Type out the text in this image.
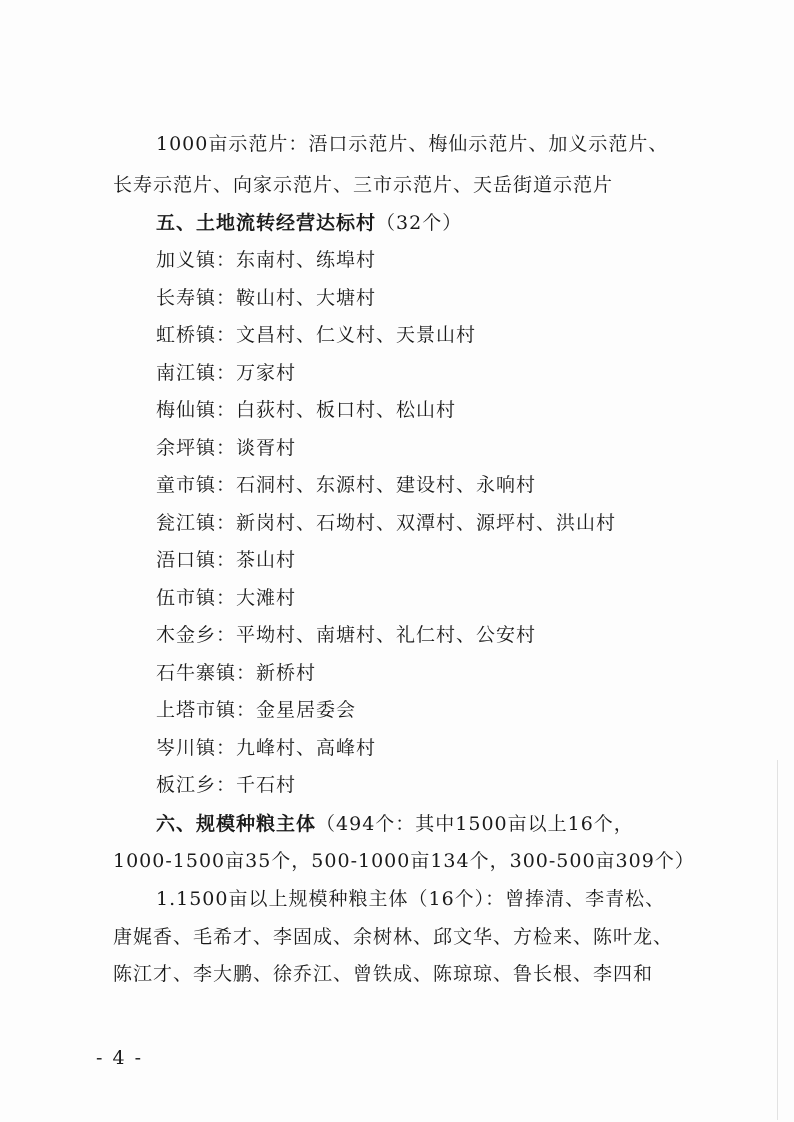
1000亩示范片：浯口示范片、梅仙示范片、加义示范片、
长寿示范片、向家示范片、三市示范片、天岳街道示范片
五、土地流转经营达标村（32个）
加义镇：东南村、练埠村
长寿镇：鞍山村、大塘村
虹桥镇：文昌村、仁义村、天景山村
南江镇：万家村
梅仙镇：白荻村、板口村、松山村
余坪镇：谈胥村
童市镇：石洞村、东源村、建设村、永响村
瓮江镇：新岗村、石坳村、双潭村、源坪村、洪山村
浯口镇：茶山村
伍市镇：大滩村
木金乡：平坳村、南塘村、礼仁村、公安村
石牛寨镇：新桥村
上塔市镇：金星居委会
岑川镇：九峰村、高峰村
板江乡：千石村
六、规模种粮主体（494个：其中1500亩以上16个，
1000-1500亩35个，500-1000亩134个，300-500亩309个）
1.1500亩以上规模种粮主体（16个）：曾捧清、李青松、
唐娓香、毛希才、李固成、余树林、邱文华、方检来、陈叶龙、
陈江才、李大鹏、徐乔江、曾铁成、陈琼琼、鲁长根、李四和
- 4 -
